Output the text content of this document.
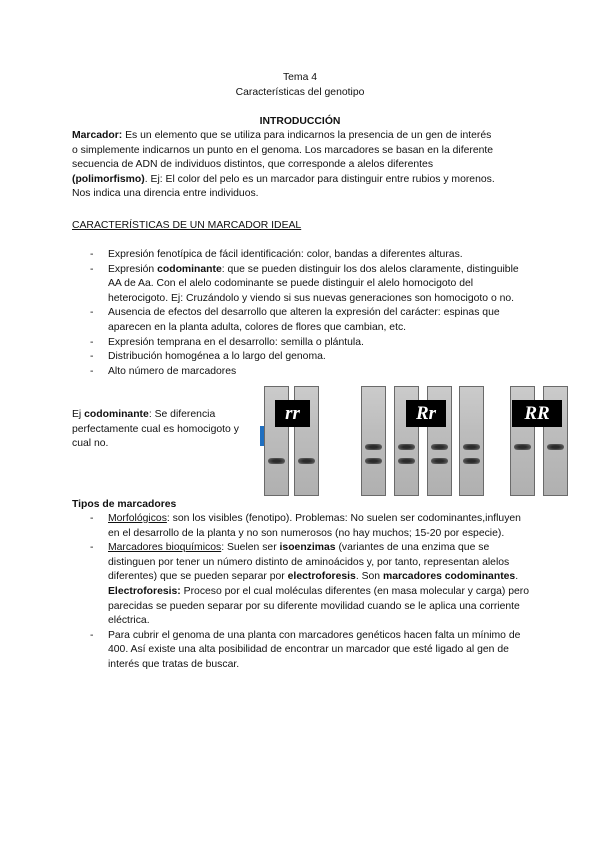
Tema 4
Características del genotipo
INTRODUCCIÓN
Marcador: Es un elemento que se utiliza para indicarnos la presencia de un gen de interés
o simplemente indicarnos un punto en el genoma. Los marcadores se basan en la diferente
secuencia de ADN de individuos distintos, que corresponde a alelos diferentes
(polimorfismo). Ej: El color del pelo es un marcador para distinguir entre rubios y morenos.
Nos indica una direncia entre individuos.
CARACTERÍSTICAS DE UN MARCADOR IDEAL
- Expresión fenotípica de fácil identificación: color, bandas a diferentes alturas.
- Expresión codominante: que se pueden distinguir los dos alelos claramente, distinguible AA de Aa. Con el alelo codominante se puede distinguir el alelo homocigoto del heterocigoto. Ej: Cruzándolo y viendo si sus nuevas generaciones son homocigoto o no.
- Ausencia de efectos del desarrollo que alteren la expresión del carácter: espinas que aparecen en la planta adulta, colores de flores que cambian, etc.
- Expresión temprana en el desarrollo: semilla o plántula.
- Distribución homogénea a lo largo del genoma.
- Alto número de marcadores
Ej codominante: Se diferencia perfectamente cual es homocigoto y cual no.
rr	Rr	RR
Tipos de marcadores
- Morfológicos: son los visibles (fenotipo). Problemas: No suelen ser codominantes,influyen en el desarrollo de la planta y no son numerosos (no hay muchos; 15-20 por especie).
- Marcadores bioquímicos: Suelen ser isoenzimas (variantes de una enzima que se distinguen por tener un número distinto de aminoácidos y, por tanto, representan alelos diferentes) que se pueden separar por electroforesis. Son marcadores codominantes.
Electroforesis: Proceso por el cual moléculas diferentes (en masa molecular y carga) pero parecidas se pueden separar por su diferente movilidad cuando se le aplica una corriente eléctrica.
- Para cubrir el genoma de una planta con marcadores genéticos hacen falta un mínimo de 400. Así existe una alta posibilidad de encontrar un marcador que esté ligado al gen de interés que tratas de buscar.
